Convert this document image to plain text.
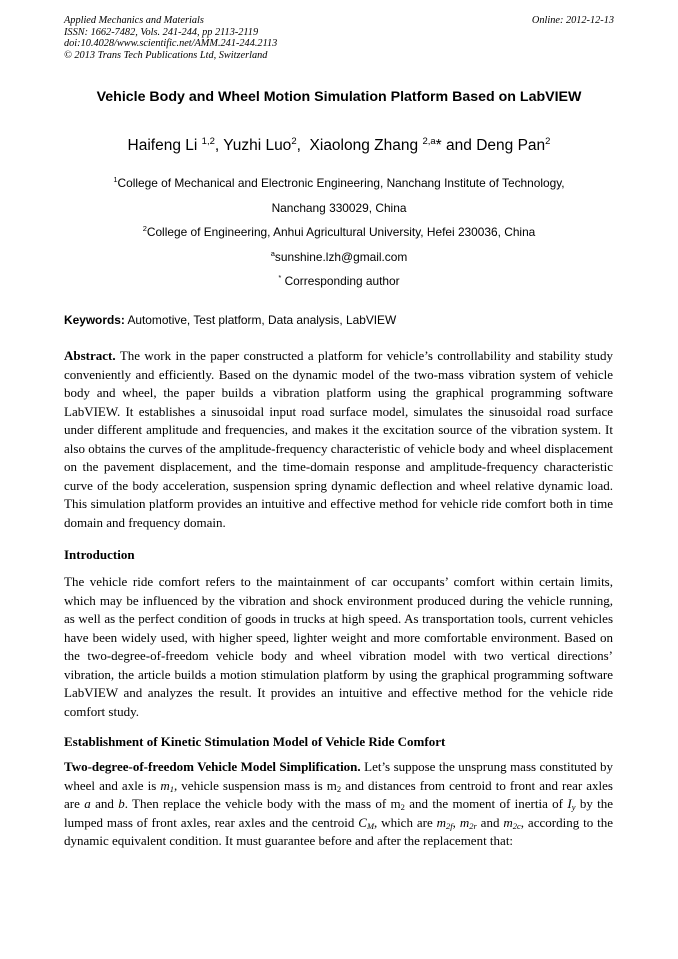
Applied Mechanics and Materials
ISSN: 1662-7482, Vols. 241-244, pp 2113-2119
doi:10.4028/www.scientific.net/AMM.241-244.2113
© 2013 Trans Tech Publications Ltd, Switzerland
Online: 2012-12-13
Vehicle Body and Wheel Motion Simulation Platform Based on LabVIEW
Haifeng Li $^{1,2}$, Yuzhi Luo$^2$,  Xiaolong Zhang $^{2,a}$* and Deng Pan$^2$
$^1$College of Mechanical and Electronic Engineering, Nanchang Institute of Technology,
Nanchang 330029, China
$^2$College of Engineering, Anhui Agricultural University, Hefei 230036, China
$^a$sunshine.lzh@gmail.com
* Corresponding author
Keywords: Automotive, Test platform, Data analysis, LabVIEW

Abstract. The work in the paper constructed a platform for vehicle’s controllability and stability study conveniently and efficiently. Based on the dynamic model of the two-mass vibration system of vehicle body and wheel, the paper builds a vibration platform using the graphical programming software LabVIEW. It establishes a sinusoidal input road surface model, simulates the sinusoidal road surface under different amplitude and frequencies, and makes it the excitation source of the vibration system. It also obtains the curves of the amplitude-frequency characteristic of vehicle body and wheel displacement on the pavement displacement, and the time-domain response and amplitude-frequency characteristic curve of the body acceleration, suspension spring dynamic deflection and wheel relative dynamic load. This simulation platform provides an intuitive and effective method for vehicle ride comfort both in time domain and frequency domain.

Introduction

The vehicle ride comfort refers to the maintainment of car occupants’ comfort within certain limits, which may be influenced by the vibration and shock environment produced during the vehicle running, as well as the perfect condition of goods in trucks at high speed. As transportation tools, current vehicles have been widely used, with higher speed, lighter weight and more comfortable environment. Based on the two-degree-of-freedom vehicle body and wheel vibration model with two vertical directions’ vibration, the article builds a motion stimulation platform by using the graphical programming software LabVIEW and analyzes the result. It provides an intuitive and effective method for the vehicle ride comfort study.

Establishment of Kinetic Stimulation Model of Vehicle Ride Comfort

Two-degree-of-freedom Vehicle Model Simplification. Let’s suppose the unsprung mass constituted by wheel and axle is $m_1$, vehicle suspension mass is $m_2$ and distances from centroid to front and rear axles are a and b. Then replace the vehicle body with the mass of $m_2$ and the moment of inertia of $I_y$ by the lumped mass of front axles, rear axles and the centroid $C_M$, which are $m_{2f}$, $m_{2r}$ and $m_{2c}$, according to the dynamic equivalent condition. It must guarantee before and after the replacement that:
